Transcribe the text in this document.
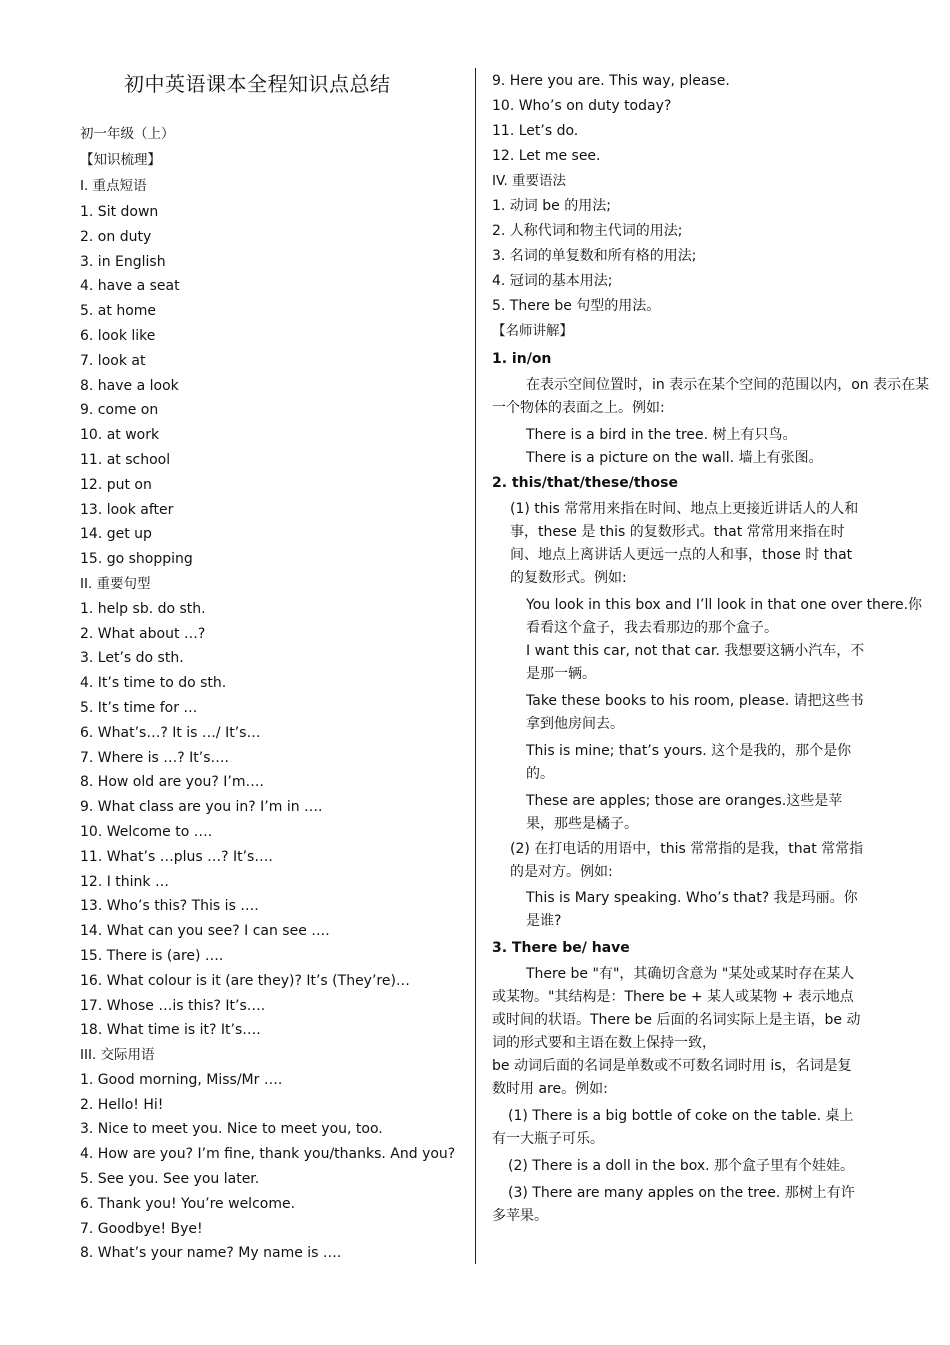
初中英语课本全程知识点总结
初一年级（上）
【知识梳理】
I. 重点短语
1. Sit down
2. on duty
3. in English
4. have a seat
5. at home
6. look like
7. look at
8. have a look
9. come on
10. at work
11. at school
12. put on
13. look after
14. get up
15. go shopping
II. 重要句型
1. help sb. do sth.
2. What about …?
3. Let’s do sth.
4. It’s time to do sth.
5. It’s time for …
6. What’s…? It is …/ It’s…
7. Where is …? It’s….
8. How old are you? I’m….
9. What class are you in? I’m in ….
10. Welcome to ….
11. What’s …plus …? It’s….
12. I think …
13. Who’s this? This is ….
14. What can you see? I can see ….
15. There is (are) ….
16. What colour is it (are they)? It’s (They’re)…
17. Whose …is this? It’s….
18. What time is it? It’s….
III. 交际用语
1. Good morning, Miss/Mr ….
2. Hello! Hi!
3. Nice to meet you. Nice to meet you, too.
4. How are you? I’m fine, thank you/thanks. And you?
5. See you. See you later.
6. Thank you! You’re welcome.
7. Goodbye! Bye!
8. What’s your name? My name is ….
9. Here you are. This way, please.
10. Who’s on duty today?
11. Let’s do.
12. Let me see.
IV. 重要语法
1. 动词 be 的用法;
2. 人称代词和物主代词的用法;
3. 名词的单复数和所有格的用法;
4. 冠词的基本用法;
5. There be 句型的用法。
【名师讲解】
1. in/on
在表示空间位置时，in 表示在某个空间的范围以内，on 表示在某一个物体的表面之上。例如:
There is a bird in the tree. 树上有只鸟。
There is a picture on the wall. 墙上有张图。
2. this/that/these/those
(1) this 常常用来指在时间、地点上更接近讲话人的人和事，these 是 this 的复数形式。that 常常用来指在时间、地点上离讲话人更远一点的人和事，those 时 that 的复数形式。例如:
You look in this box and I’ll look in that one over there.你看看这个盒子，我去看那边的那个盒子。
I want this car, not that car. 我想要这辆小汽车，不是那一辆。
Take these books to his room, please. 请把这些书拿到他房间去。
This is mine; that’s yours. 这个是我的，那个是你的。
These are apples; those are oranges.这些是苹果，那些是橘子。
(2) 在打电话的用语中，this 常常指的是我，that 常常指的是对方。例如:
This is Mary speaking. Who’s that? 我是玛丽。你是谁?
3. There be/ have
There be "有"，其确切含意为 "某处或某时存在某人或某物。"其结构是：There be + 某人或某物 + 表示地点或时间的状语。There be 后面的名词实际上是主语，be 动词的形式要和主语在数上保持一致，
be 动词后面的名词是单数或不可数名词时用 is，名词是复数时用 are。例如:
(1) There is a big bottle of coke on the table. 桌上有一大瓶子可乐。
(2) There is a doll in the box. 那个盒子里有个娃娃。
(3) There are many apples on the tree. 那树上有许多苹果。
